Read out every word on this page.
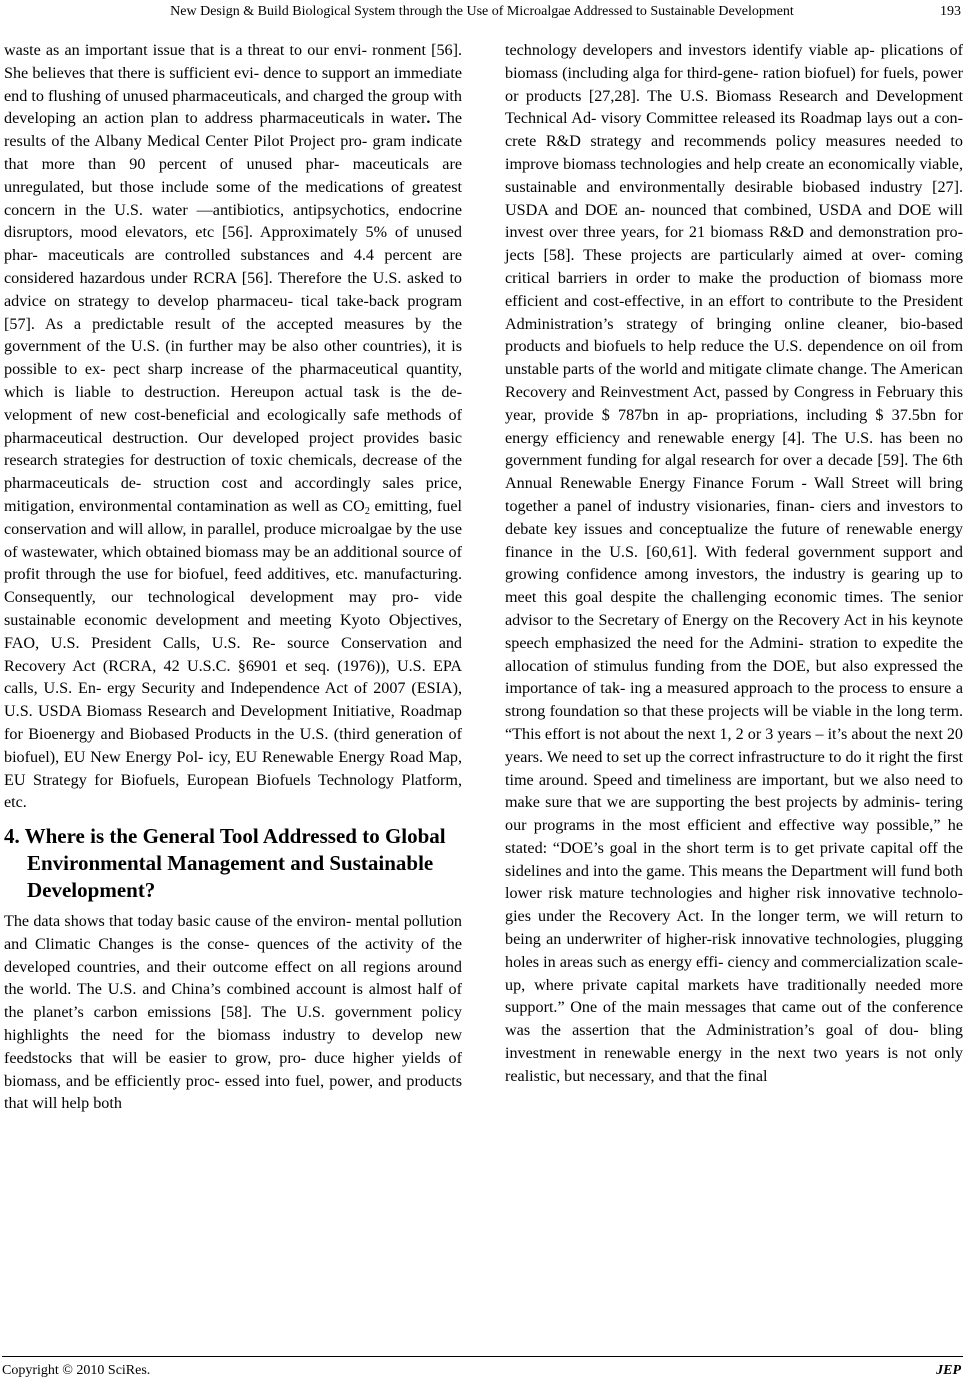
New Design & Build Biological System through the Use of Microalgae Addressed to Sustainable Development	193

waste as an important issue that is a threat to our envi- ronment [56]. She believes that there is sufficient evi- dence to support an immediate end to flushing of unused pharmaceuticals, and charged the group with developing an action plan to address pharmaceuticals in water. The results of the Albany Medical Center Pilot Project pro- gram indicate that more than 90 percent of unused phar- maceuticals are unregulated, but those include some of the medications of greatest concern in the U.S. water —antibiotics, antipsychotics, endocrine disruptors, mood elevators, etc [56]. Approximately 5% of unused phar- maceuticals are controlled substances and 4.4 percent are considered hazardous under RCRA [56]. Therefore the U.S. asked to advice on strategy to develop pharmaceu- tical take-back program [57]. As a predictable result of the accepted measures by the government of the U.S. (in further may be also other countries), it is possible to ex- pect sharp increase of the pharmaceutical quantity, which is liable to destruction. Hereupon actual task is the de- velopment of new cost-beneficial and ecologically safe methods of pharmaceutical destruction. Our developed project provides basic research strategies for destruction of toxic chemicals, decrease of the pharmaceuticals de- struction cost and accordingly sales price, mitigation, environmental contamination as well as $CO_2$ emitting, fuel conservation and will allow, in parallel, produce microalgae by the use of wastewater, which obtained biomass may be an additional source of profit through the use for biofuel, feed additives, etc. manufacturing. Consequently, our technological development may pro- vide sustainable economic development and meeting Kyoto Objectives, FAO, U.S. President Calls, U.S. Re- source Conservation and Recovery Act (RCRA, 42 U.S.C. §6901 et seq. (1976)), U.S. EPA calls, U.S. En- ergy Security and Independence Act of 2007 (ESIA), U.S. USDA Biomass Research and Development Initiative, Roadmap for Bioenergy and Biobased Products in the U.S. (third generation of biofuel), EU New Energy Pol- icy, EU Renewable Energy Road Map, EU Strategy for Biofuels, European Biofuels Technology Platform, etc.

4. Where is the General Tool Addressed to Global Environmental Management and Sustainable Development?

The data shows that today basic cause of the environ- mental pollution and Climatic Changes is the conse- quences of the activity of the developed countries, and their outcome effect on all regions around the world. The U.S. and China’s combined account is almost half of the planet’s carbon emissions [58]. The U.S. government policy highlights the need for the biomass industry to develop new feedstocks that will be easier to grow, pro- duce higher yields of biomass, and be efficiently proc- essed into fuel, power, and products that will help both

technology developers and investors identify viable ap- plications of biomass (including alga for third-gene- ration biofuel) for fuels, power or products [27,28]. The U.S. Biomass Research and Development Technical Ad- visory Committee released its Roadmap lays out a con- crete R&D strategy and recommends policy measures needed to improve biomass technologies and help create an economically viable, sustainable and environmentally desirable biobased industry [27]. USDA and DOE an- nounced that combined, USDA and DOE will invest over three years, for 21 biomass R&D and demonstration pro- jects [58]. These projects are particularly aimed at over- coming critical barriers in order to make the production of biomass more efficient and cost-effective, in an effort to contribute to the President Administration’s strategy of bringing online cleaner, bio-based products and biofuels to help reduce the U.S. dependence on oil from unstable parts of the world and mitigate climate change. The American Recovery and Reinvestment Act, passed by Congress in February this year, provide $ 787bn in ap- propriations, including $ 37.5bn for energy efficiency and renewable energy [4]. The U.S. has been no government funding for algal research for over a decade [59]. The 6th Annual Renewable Energy Finance Forum - Wall Street will bring together a panel of industry visionaries, finan- ciers and investors to debate key issues and conceptualize the future of renewable energy finance in the U.S. [60,61]. With federal government support and growing confidence among investors, the industry is gearing up to meet this goal despite the challenging economic times. The senior advisor to the Secretary of Energy on the Recovery Act in his keynote speech emphasized the need for the Admini- stration to expedite the allocation of stimulus funding from the DOE, but also expressed the importance of tak- ing a measured approach to the process to ensure a strong foundation so that these projects will be viable in the long term. “This effort is not about the next 1, 2 or 3 years – it’s about the next 20 years. We need to set up the correct infrastructure to do it right the first time around. Speed and timeliness are important, but we also need to make sure that we are supporting the best projects by adminis- tering our programs in the most efficient and effective way possible,” he stated: “DOE’s goal in the short term is to get private capital off the sidelines and into the game. This means the Department will fund both lower risk mature technologies and higher risk innovative technolo- gies under the Recovery Act. In the longer term, we will return to being an underwriter of higher-risk innovative technologies, plugging holes in areas such as energy effi- ciency and commercialization scale-up, where private capital markets have traditionally needed more support.” One of the main messages that came out of the conference was the assertion that the Administration’s goal of dou- bling investment in renewable energy in the next two years is not only realistic, but necessary, and that the final

Copyright © 2010 SciRes.	JEP
